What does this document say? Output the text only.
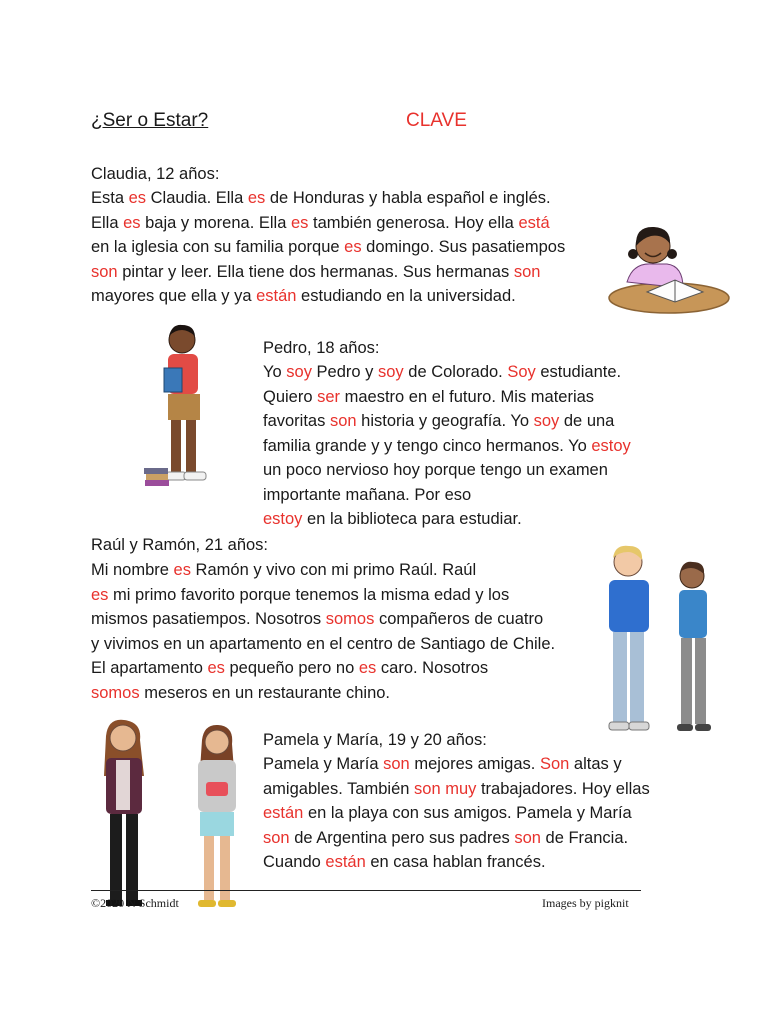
¿Ser o Estar?	CLAVE
Claudia, 12 años:
Esta es Claudia. Ella es de Honduras y habla español e inglés.
Ella es baja y morena. Ella es también generosa. Hoy ella está
en la iglesia con su familia porque es domingo. Sus pasatiempos
son pintar y leer. Ella tiene dos hermanas. Sus hermanas son
mayores que ella y ya están estudiando en la universidad.
Pedro, 18 años:
Yo soy Pedro y soy de Colorado. Soy estudiante.
Quiero ser maestro en el futuro. Mis materias
favoritas son historia y geografía. Yo soy de una
familia grande y y tengo cinco hermanos. Yo estoy
un poco nervioso hoy porque tengo un examen
importante mañana. Por eso
estoy en la biblioteca para estudiar.
Raúl y Ramón, 21 años:
Mi nombre es Ramón y vivo con mi primo Raúl. Raúl
es mi primo favorito porque tenemos la misma edad y los
mismos pasatiempos. Nosotros somos compañeros de cuatro
y vivimos en un apartamento en el centro de Santiago de Chile.
El apartamento es pequeño pero no es caro. Nosotros
somos meseros en un restaurante chino.
Pamela y María, 19 y 20 años:
Pamela y María son mejores amigas. Son altas y
amigables. También son muy trabajadores. Hoy ellas
están en la playa con sus amigos. Pamela y María
son de Argentina pero sus padres son de Francia.
Cuando están en casa hablan francés.
©2020 N Schmidt	Images by pigknit
